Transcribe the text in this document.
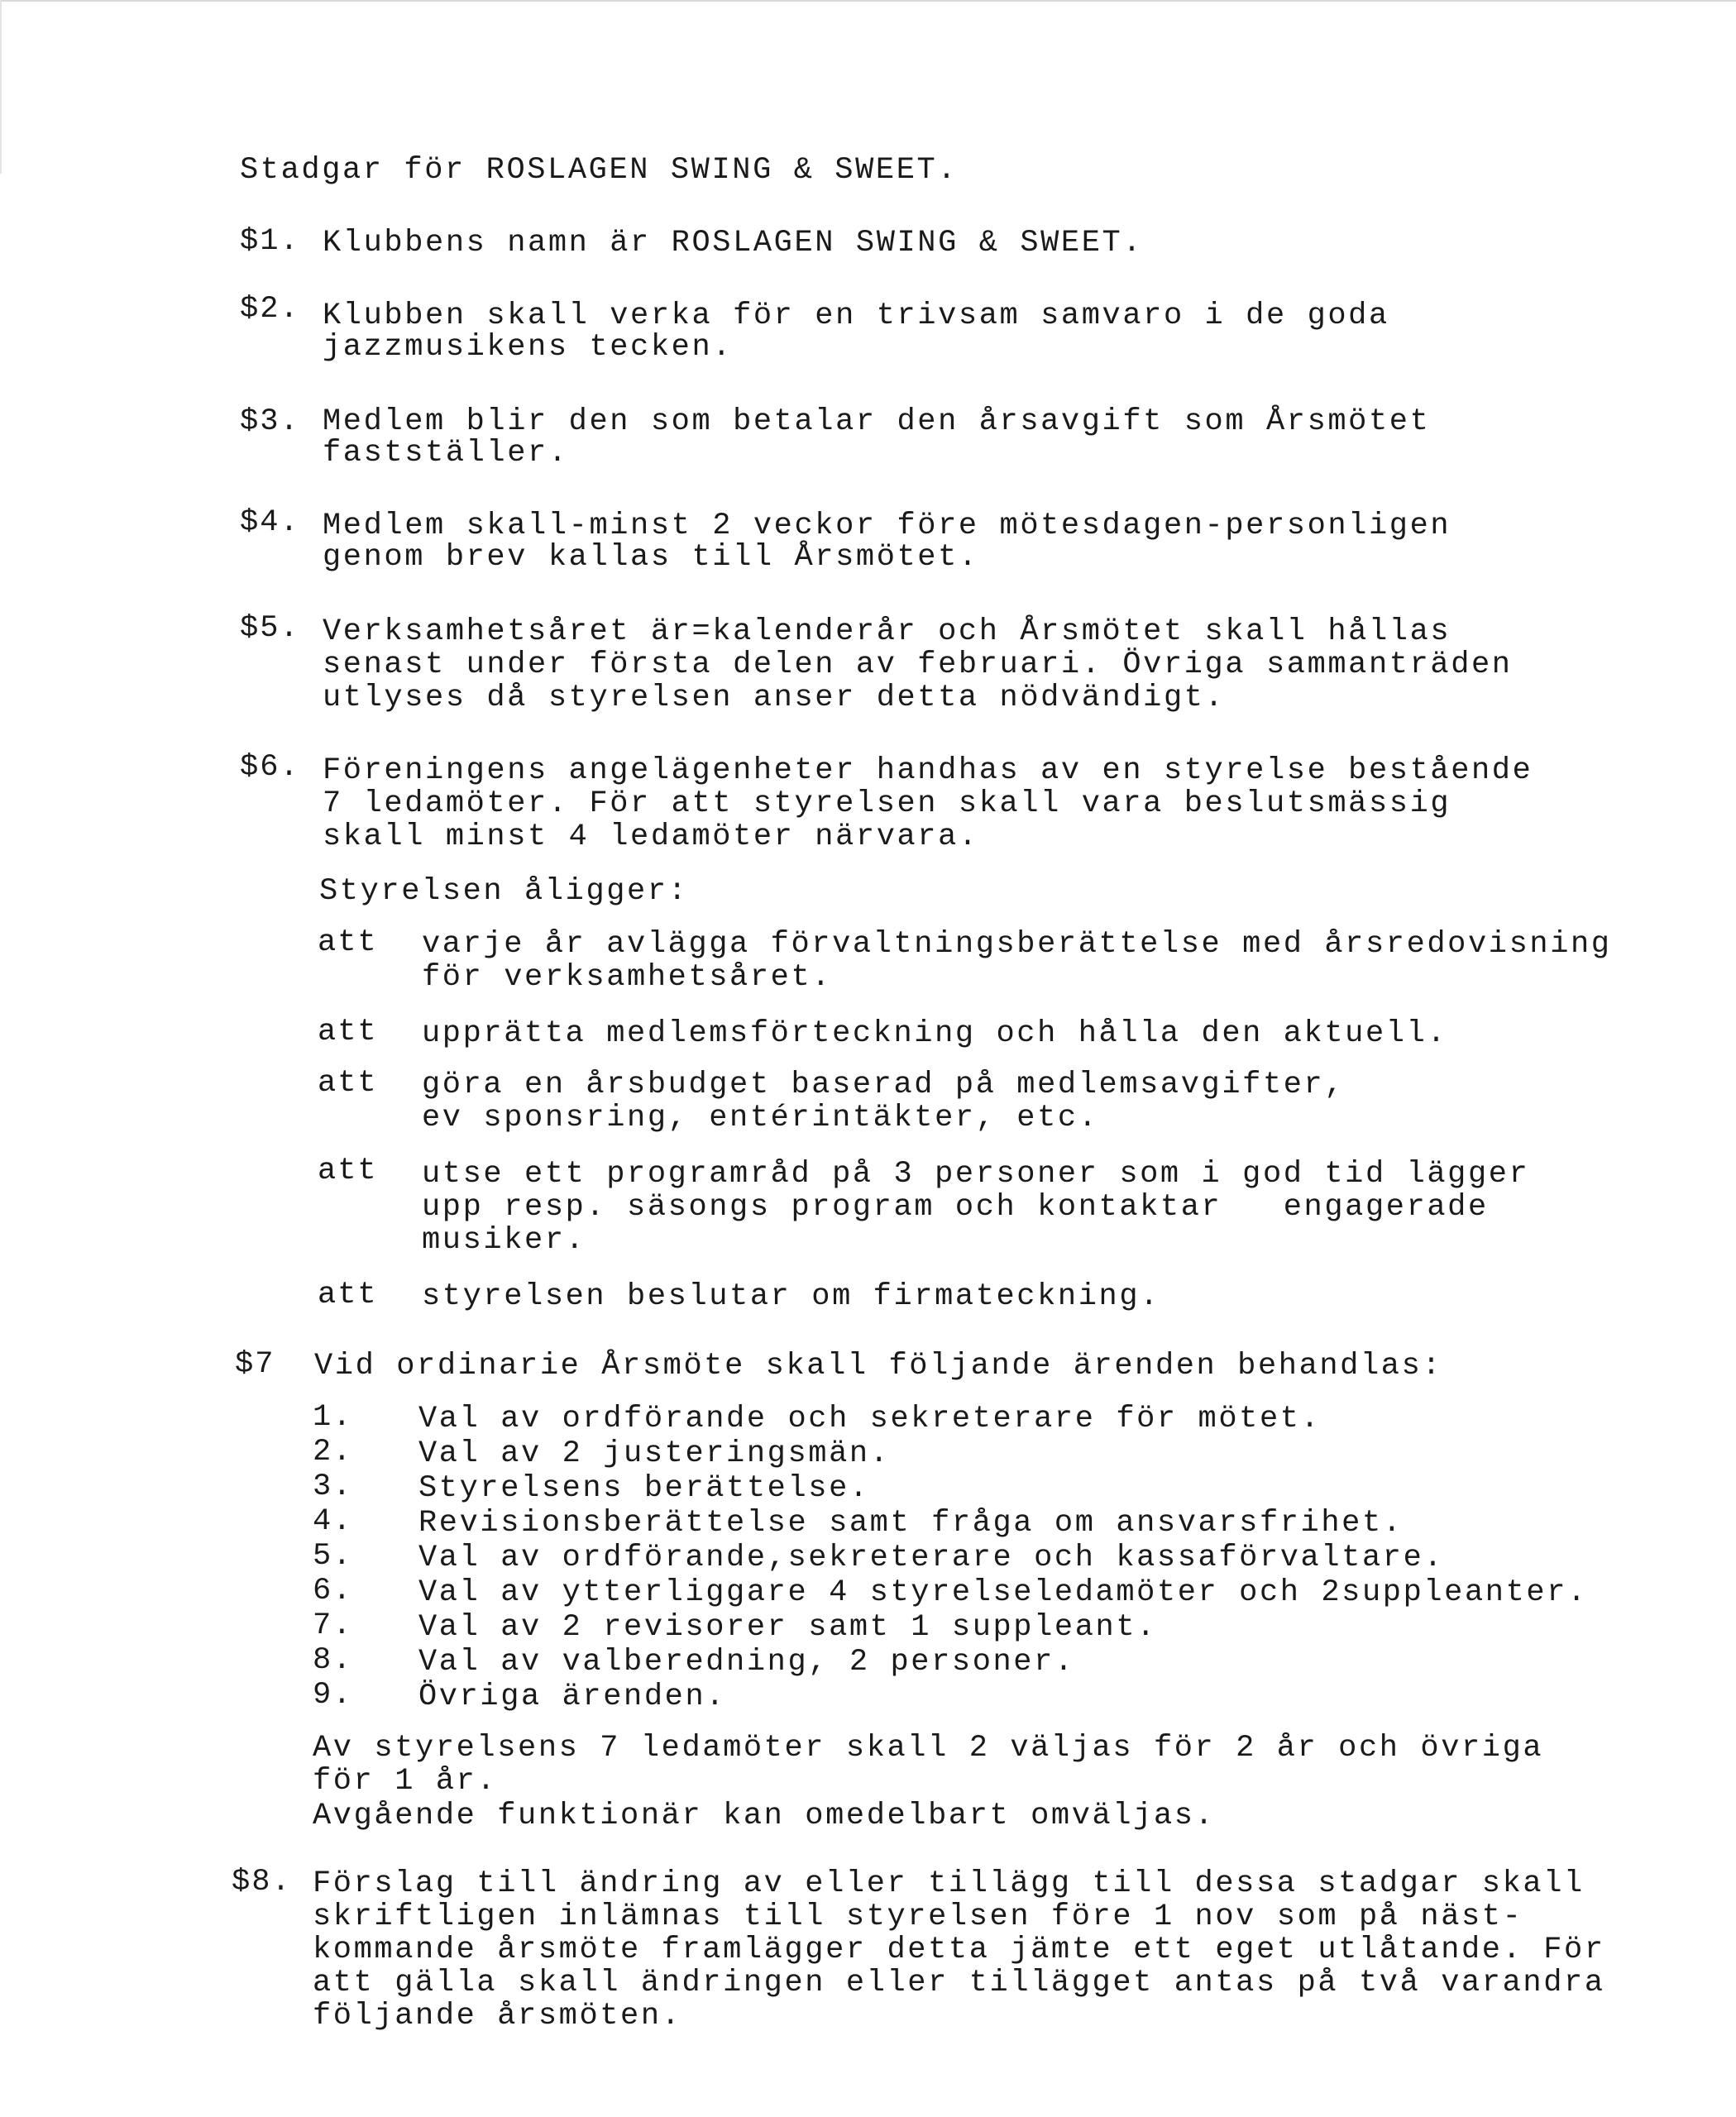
Stadgar för ROSLAGEN SWING & SWEET.
$1. Klubbens namn är ROSLAGEN SWING & SWEET.
$2. Klubben skall verka för en trivsam samvaro i de goda
jazzmusikens tecken.
$3. Medlem blir den som betalar den årsavgift som Årsmötet
fastställer.
$4. Medlem skall-minst 2 veckor före mötesdagen-personligen
genom brev kallas till Årsmötet.
$5. Verksamhetsåret är=kalenderår och Årsmötet skall hållas
senast under första delen av februari. Övriga sammanträden
utlyses då styrelsen anser detta nödvändigt.
$6. Föreningens angelägenheter handhas av en styrelse bestående
7 ledamöter. För att styrelsen skall vara beslutsmässig
skall minst 4 ledamöter närvara.
Styrelsen åligger:
att varje år avlägga förvaltningsberättelse med årsredovisning
för verksamhetsåret.
att upprätta medlemsförteckning och hålla den aktuell.
att göra en årsbudget baserad på medlemsavgifter,
ev sponsring, entérintäkter, etc.
att utse ett programråd på 3 personer som i god tid lägger
upp resp. säsongs program och kontaktar   engagerade
musiker.
att styrelsen beslutar om firmateckning.
$7 Vid ordinarie Årsmöte skall följande ärenden behandlas:
1. Val av ordförande och sekreterare för mötet.
2. Val av 2 justeringsmän.
3. Styrelsens berättelse.
4. Revisionsberättelse samt fråga om ansvarsfrihet.
5. Val av ordförande,sekreterare och kassaförvaltare.
6. Val av ytterliggare 4 styrelseledamöter och 2suppleanter.
7. Val av 2 revisorer samt 1 suppleant.
8. Val av valberedning, 2 personer.
9. Övriga ärenden.
Av styrelsens 7 ledamöter skall 2 väljas för 2 år och övriga
för 1 år.
Avgående funktionär kan omedelbart omväljas.
$8. Förslag till ändring av eller tillägg till dessa stadgar skall
skriftligen inlämnas till styrelsen före 1 nov som på näst-
kommande årsmöte framlägger detta jämte ett eget utlåtande. För
att gälla skall ändringen eller tillägget antas på två varandra
följande årsmöten.
